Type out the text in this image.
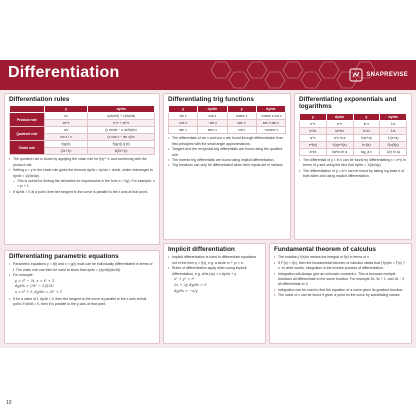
Differentiation	SNAPREVISE
Differentiation rules
	y	dy/dx
Product rule	uv	u(dv/dx) + v(du/dx)
	xe^x	e^x + xe^x
Quotient rule	u/v	(v du/dx − u dv/dx)/v²
	sin x / x	(x cos x − sin x)/x²
Chain rule	f(g(x))	f′(g(x)) g′(x)
	(2x+1)³	6(2x+1)²
• The quotient rule is found by applying the chain rule for f(x)^−1 and combining with the product rule.
• Setting u = y in the chain rule gives the formula dy/dx = dy/du × du/dx, which rearranges to dy/dx = 1/(dx/dy).
– This is useful for finding the derivative for expressions in the form x = f(y). For example: x = y² + 1.
• If dy/dx = 0 at a point, then the tangent to the curve is parallel to the x axis at that point.
Differentiating trig functions
y	dy/dx	y	dy/dx
sin x	cos x	cosec x	−cosec x cot x
cos x	−sin x	sec x	sec x tan x
tan x	sec² x	cot x	−cosec² x
• The differentials of sin x and cos x are found through differentiation from first principles with the small angle approximations.
• Tangent and the reciprocal trig differentials are found using the quotient rule.
• The inverse trig differentials are found using implicit differentiation.
• Trig functions can only be differentiated when their inputs are in radians.
Differentiating exponentials and logarithms
y	dy/dx	y	dy/dx
e^x	e^x	ln x	1/x
e^kx	ke^kx	ln kx	1/x
a^x	a^x ln a	ln(x+a)	1/(x+a)
e^f(x)	f′(x)e^f(x)	ln f(x)	f′(x)/f(x)
a^kx	ka^kx ln a	log_a x	1/(x ln a)
• The differential of y = ln x can be found by differentiating x = e^y in terms of y and using the fact that dy/dx = 1/(dx/dy).
• The differentiation of y = a^x can be found by taking log base e of both sides and using implicit differentiation.
Differentiating parametric equations
• Parametric equations y = f(t) and x = g(t) must can be individually differentiated in terms of t. The chain rule can then be used to show that dy/dx = (dy/dt)/(dx/dt).
• For example:
y = t³ − 2t, x = t² + 1
dy/dx = (3t² − 2)/(2t)
x = t³ + t, dy/dx = 3t² + 1
• If for a value of t, dy/dt = 0, then the tangent to the curve is parallel to the x-axis at that point. If dx/dt = 0, then it is parallel to the y-axis at that point.
Implicit differentiation
• Implicit differentiation is used to differentiate equations not in the form y = f(x), e.g. a circle x² + y² = r².
• Rules of differentiation apply when using implicit differentiation, e.g. d/dx (xy) = x dy/dx + y.
x² + y² = r²
2x + 2y dy/dx = 0
dy/dx = −x/y
Fundamental theorem of calculus
• The notation ∫ f(x)dx means the integral of f(x) in terms of x.
• If F′(x) = f(x), then the fundamental theorem of calculus states that ∫ f(x)dx = F(x) + c. In other words, integration is the inverse process of differentiation.
• Integration will always give an unknown constant c. This is because multiple functions all differentiate to the same function. For example 3x, 3x + 1, and 3x − 2 all differentiate to 3.
• Integration can be used to find the equation of a curve given its gradient function.
• The value of c can be found if given a point on the curve by substituting values.
10
